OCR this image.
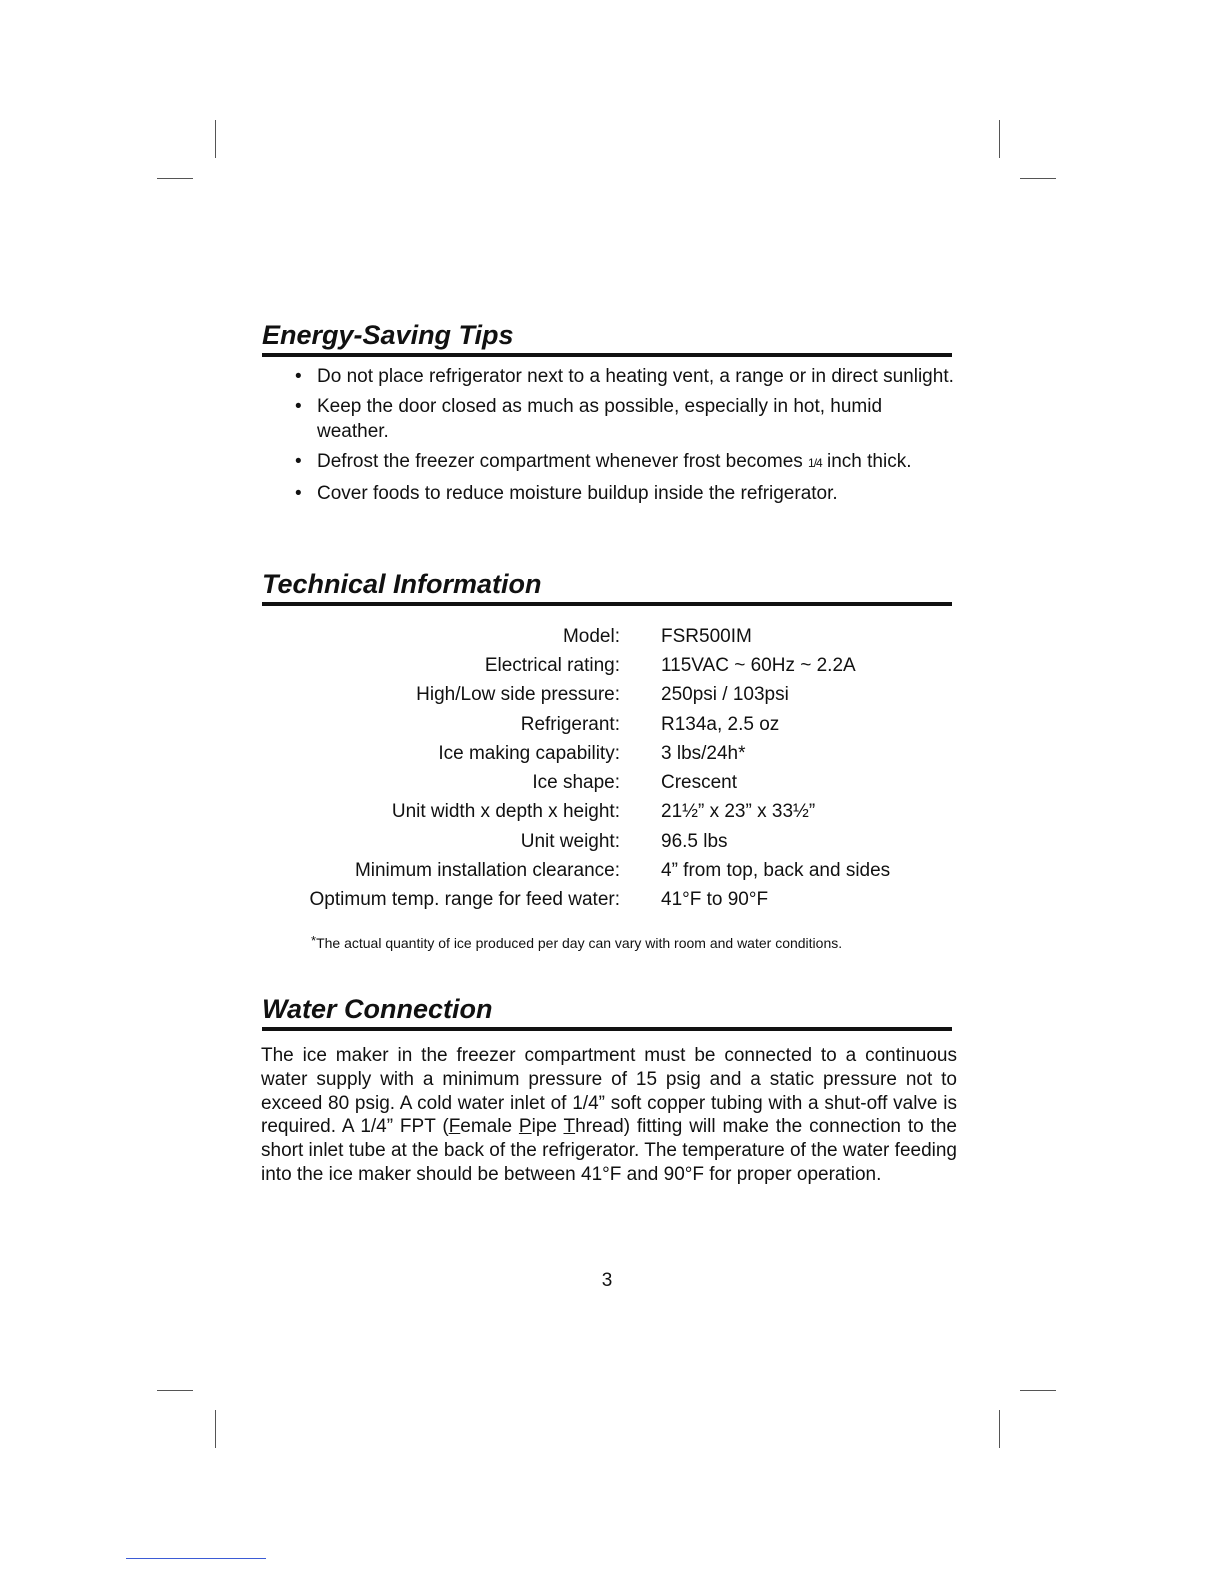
Energy-Saving Tips
• Do not place refrigerator next to a heating vent, a range or in direct sunlight.
• Keep the door closed as much as possible, especially in hot, humid weather.
• Defrost the freezer compartment whenever frost becomes 1/4 inch thick.
• Cover foods to reduce moisture buildup inside the refrigerator.
Technical Information
Model: FSR500IM
Electrical rating: 115VAC ~ 60Hz ~ 2.2A
High/Low side pressure: 250psi / 103psi
Refrigerant: R134a, 2.5 oz
Ice making capability: 3 lbs/24h*
Ice shape: Crescent
Unit width x depth x height: 21½” x 23” x 33½”
Unit weight: 96.5 lbs
Minimum installation clearance: 4” from top, back and sides
Optimum temp. range for feed water: 41°F to 90°F
*The actual quantity of ice produced per day can vary with room and water conditions.
Water Connection

The ice maker in the freezer compartment must be connected to a continuous water supply with a minimum pressure of 15 psig and a static pressure not to exceed 80 psig. A cold water inlet of 1/4” soft copper tubing with a shut-off valve is required. A 1/4” FPT (Female Pipe Thread) fitting will make the connection to the short inlet tube at the back of the refrigerator. The temperature of the water feeding into the ice maker should be between 41°F and 90°F for proper operation.

3
